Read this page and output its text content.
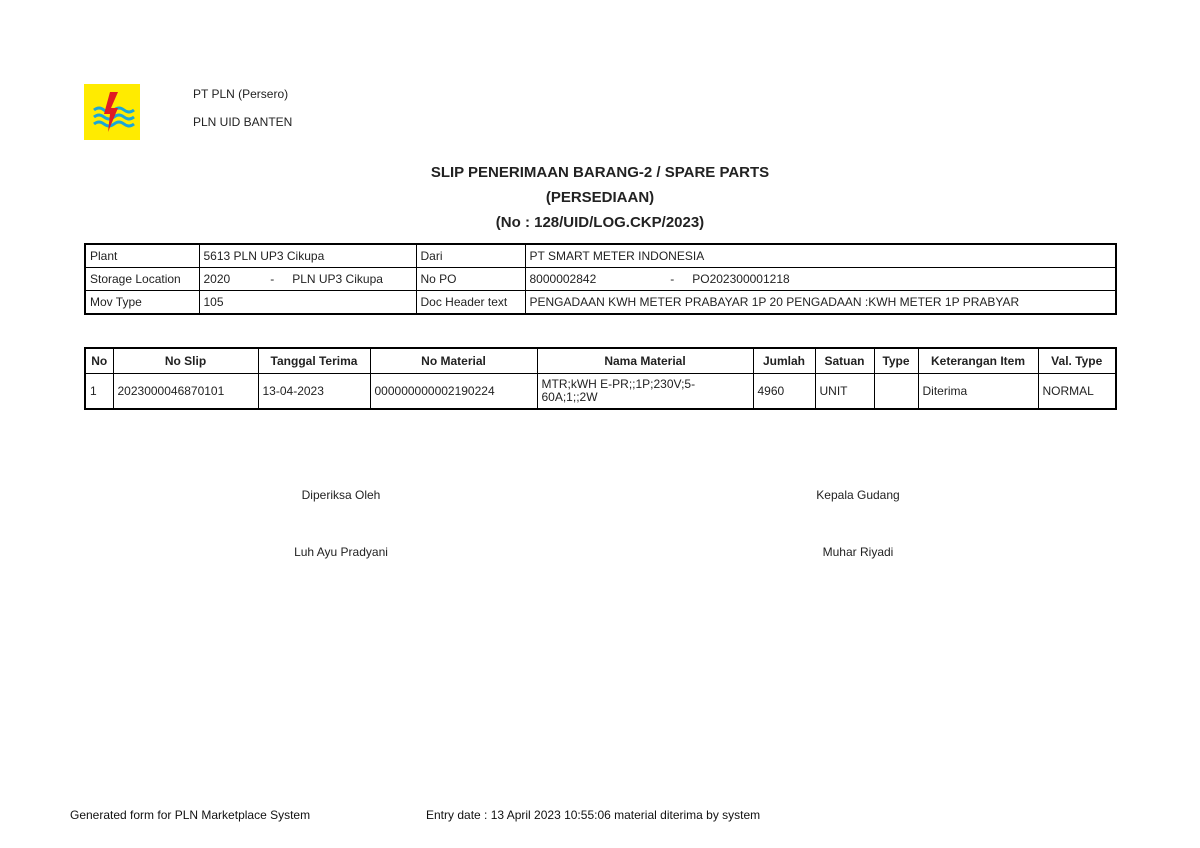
PT PLN (Persero)
PLN UID BANTEN
SLIP PENERIMAAN BARANG-2 / SPARE PARTS
(PERSEDIAAN)
(No : 128/UID/LOG.CKP/2023)
Plant	5613 PLN UP3 Cikupa	Dari	PT SMART METER INDONESIA
Storage Location	2020 - PLN UP3 Cikupa	No PO	8000002842 - PO202300001218
Mov Type	105	Doc Header text	PENGADAAN KWH METER PRABAYAR 1P 20 PENGADAAN :KWH METER 1P PRABYAR
No	No Slip	Tanggal Terima	No Material	Nama Material	Jumlah	Satuan	Type	Keterangan Item	Val. Type
1	2023000046870101	13-04-2023	000000000002190224	MTR;kWH E-PR;;1P;230V;5-60A;1;;2W	4960	UNIT		Diterima	NORMAL
Diperiksa Oleh
Luh Ayu Pradyani
Kepala Gudang
Muhar Riyadi
Generated form for PLN Marketplace System	Entry date : 13 April 2023 10:55:06 material diterima by system
